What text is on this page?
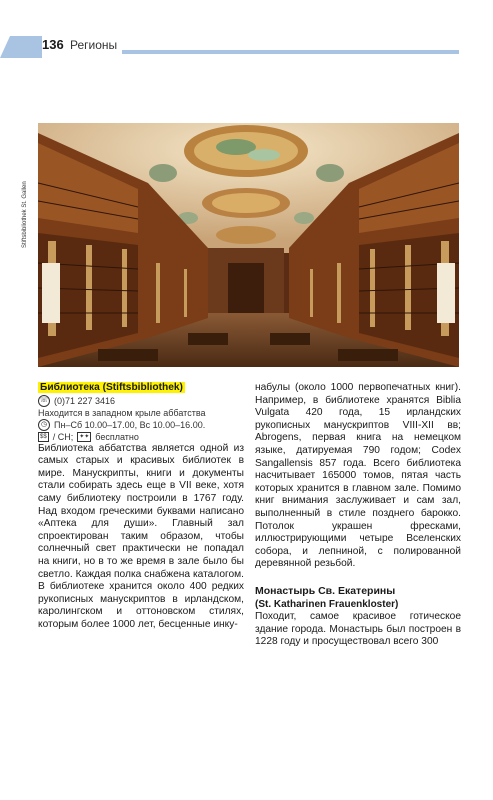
136 Регионы
Stiftsbibliothek St. Gallen

Библиотека (Stiftsbibliothek)

☏ (0)71 227 3416
Находится в западном крыле аббатства
◷ Пн–Сб 10.00–17.00, Вс 10.00–16.00.
$$ / CH;	✦✦ бесплатно

Библиотека аббатства является одной из самых старых и красивых библиотек в мире. Манускрипты, книги и документы стали собирать здесь еще в VII веке, хотя саму библиотеку построили в 1767 году. Над входом греческими буквами написано «Аптека для души». Главный зал спроектирован таким образом, чтобы солнечный свет практически не попадал на книги, но в то же время в зале было бы светло. Каждая полка снабжена каталогом. В библиотеке хранится около 400 редких рукописных манускриптов в ирландском, каролингском и оттоновском стилях, которым более 1000 лет, бесценные инку-

набулы (около 1000 первопечатных книг). Например, в библиотеке хранятся Biblia Vulgata 420 года, 15 ирландских рукописных манускриптов VIII-XII вв; Abrogens, первая книга на немецком языке, датируемая 790 годом; Codex Sangallensis 857 года. Всего библиотека насчитывает 165000 томов, пятая часть которых хранится в главном зале. Помимо книг внимания заслуживает и сам зал, выполненный в стиле позднего барокко. Потолок украшен фресками, иллюстрирующими четыре Вселенских собора, и лепниной, с полированной деревянной резьбой.

Монастырь Св. Екатерины

(St. Katharinen Frauenkloster)

Походит, самое красивое готическое здание города. Монастырь был построен в 1228 году и просуществовал всего 300
